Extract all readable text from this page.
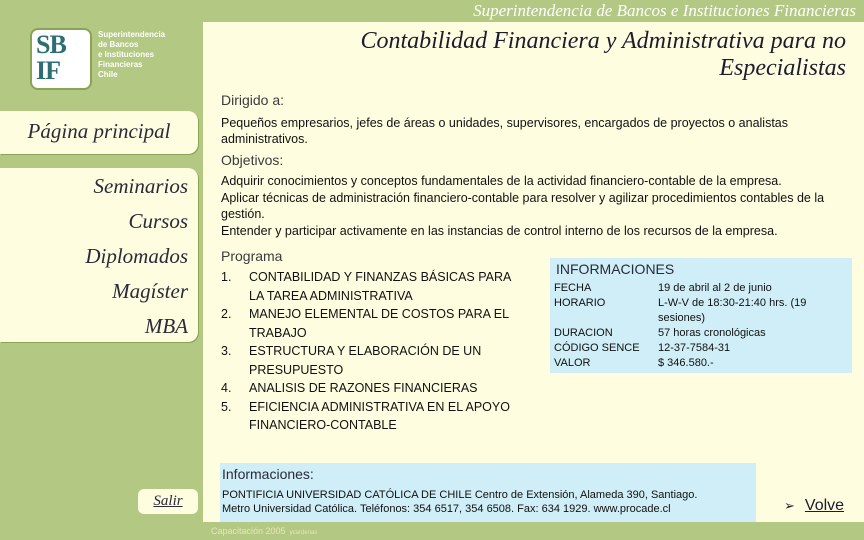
SB
IF
Superintendencia
de Bancos
e Instituciones
Financieras
Chile
Página principal
Seminarios
Cursos
Diplomados
Magíster
MBA
Salir
Superintendencia de Bancos e Instituciones Financieras
Contabilidad Financiera y Administrativa para no Especialistas
Dirigido a:
Pequeños empresarios, jefes de áreas o unidades, supervisores, encargados de proyectos o analistas administrativos.
Objetivos:
Adquirir conocimientos y conceptos fundamentales de la actividad financiero-contable de la empresa.
Aplicar técnicas de administración financiero-contable para resolver y agilizar procedimientos contables de la gestión.
Entender y participar activamente en las instancias de control interno de los recursos de la empresa.
Programa
1.	CONTABILIDAD Y FINANZAS BÁSICAS PARA LA TAREA ADMINISTRATIVA
2.	MANEJO ELEMENTAL DE COSTOS PARA EL TRABAJO
3.	ESTRUCTURA Y ELABORACIÓN DE UN PRESUPUESTO
4.	ANALISIS DE RAZONES FINANCIERAS
5.	EFICIENCIA ADMINISTRATIVA EN EL APOYO FINANCIERO-CONTABLE
INFORMACIONES
FECHA	19 de abril al 2 de junio
HORARIO	L-W-V de 18:30-21:40 hrs. (19 sesiones)
DURACION	57 horas cronológicas
CÓDIGO SENCE	12-37-7584-31
VALOR	$ 346.580.-
Informaciones:
PONTIFICIA UNIVERSIDAD CATÓLICA DE CHILE Centro de Extensión, Alameda 390, Santiago.
Metro Universidad Católica. Teléfonos: 354 6517, 354 6508. Fax: 634 1929. www.procade.cl	➢ Volve
Capacitación 2005 ycardenas
